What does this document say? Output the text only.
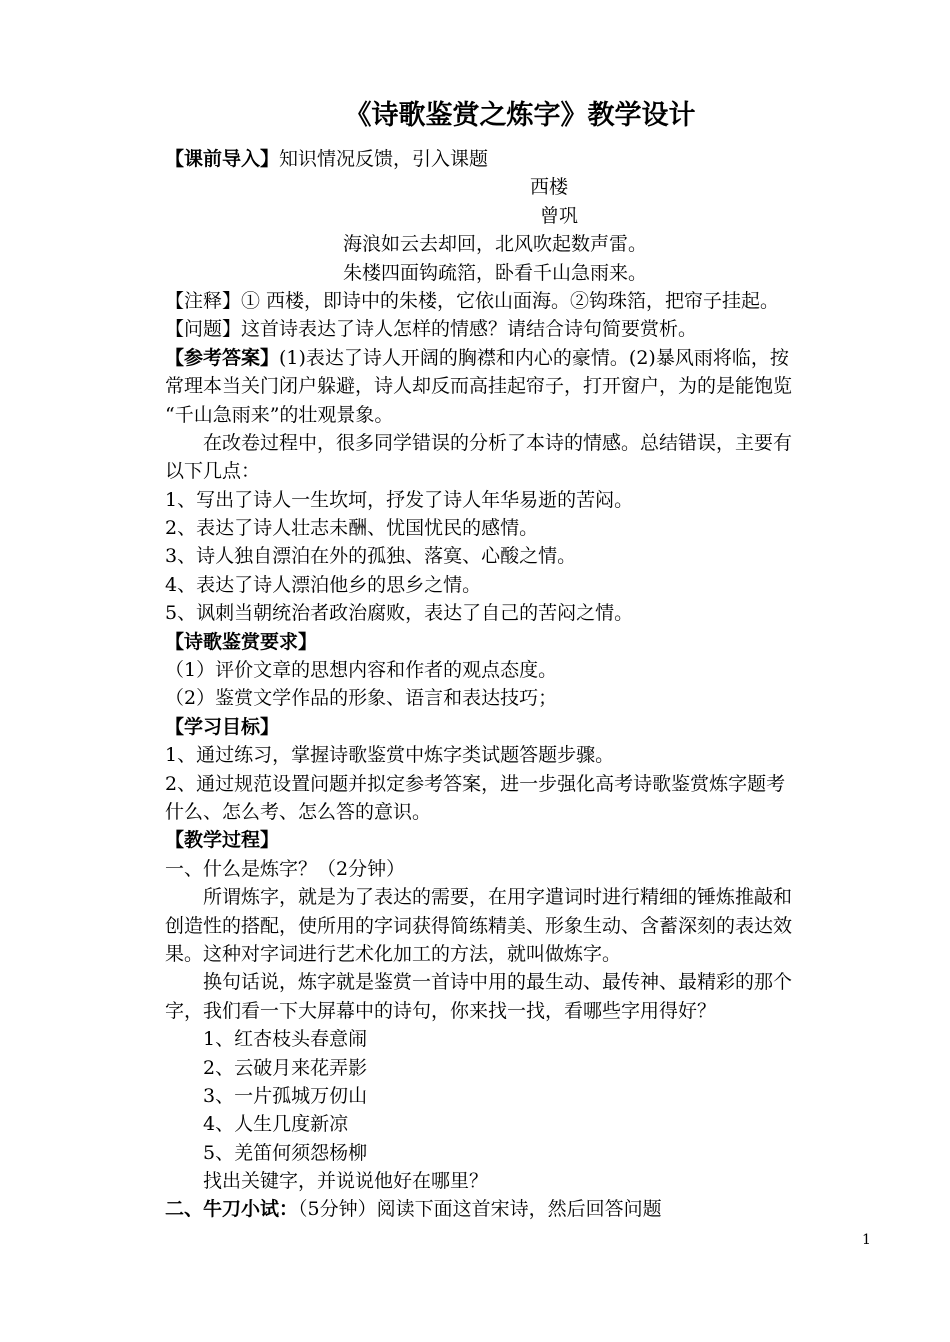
《诗歌鉴赏之炼字》教学设计
【课前导入】知识情况反馈，引入课题
西楼
曾巩
海浪如云去却回，北风吹起数声雷。
朱楼四面钩疏箔，卧看千山急雨来。
【注释】① 西楼，即诗中的朱楼，它依山面海。②钩珠箔，把帘子挂起。
【问题】这首诗表达了诗人怎样的情感？请结合诗句简要赏析。
【参考答案】(1)表达了诗人开阔的胸襟和内心的豪情。(2)暴风雨将临，按
常理本当关门闭户躲避，诗人却反而高挂起帘子，打开窗户，为的是能饱览
“千山急雨来”的壮观景象。
在改卷过程中，很多同学错误的分析了本诗的情感。总结错误，主要有
以下几点：
1、写出了诗人一生坎坷，抒发了诗人年华易逝的苦闷。
2、表达了诗人壮志未酬、忧国忧民的感情。
3、诗人独自漂泊在外的孤独、落寞、心酸之情。
4、表达了诗人漂泊他乡的思乡之情。
5、讽刺当朝统治者政治腐败，表达了自己的苦闷之情。
【诗歌鉴赏要求】
（1）评价文章的思想内容和作者的观点态度。
（2）鉴赏文学作品的形象、语言和表达技巧；
【学习目标】
1、通过练习，掌握诗歌鉴赏中炼字类试题答题步骤。
2、通过规范设置问题并拟定参考答案，进一步强化高考诗歌鉴赏炼字题考
什么、怎么考、怎么答的意识。
【教学过程】
一、什么是炼字？（2分钟）
所谓炼字，就是为了表达的需要，在用字遣词时进行精细的锤炼推敲和
创造性的搭配，使所用的字词获得简练精美、形象生动、含蓄深刻的表达效
果。这种对字词进行艺术化加工的方法，就叫做炼字。
换句话说，炼字就是鉴赏一首诗中用的最生动、最传神、最精彩的那个
字，我们看一下大屏幕中的诗句，你来找一找，看哪些字用得好？
1、红杏枝头春意闹
2、云破月来花弄影
3、一片孤城万仞山
4、人生几度新凉
5、羌笛何须怨杨柳
找出关键字，并说说他好在哪里？
二、牛刀小试：（5分钟）阅读下面这首宋诗，然后回答问题
1
